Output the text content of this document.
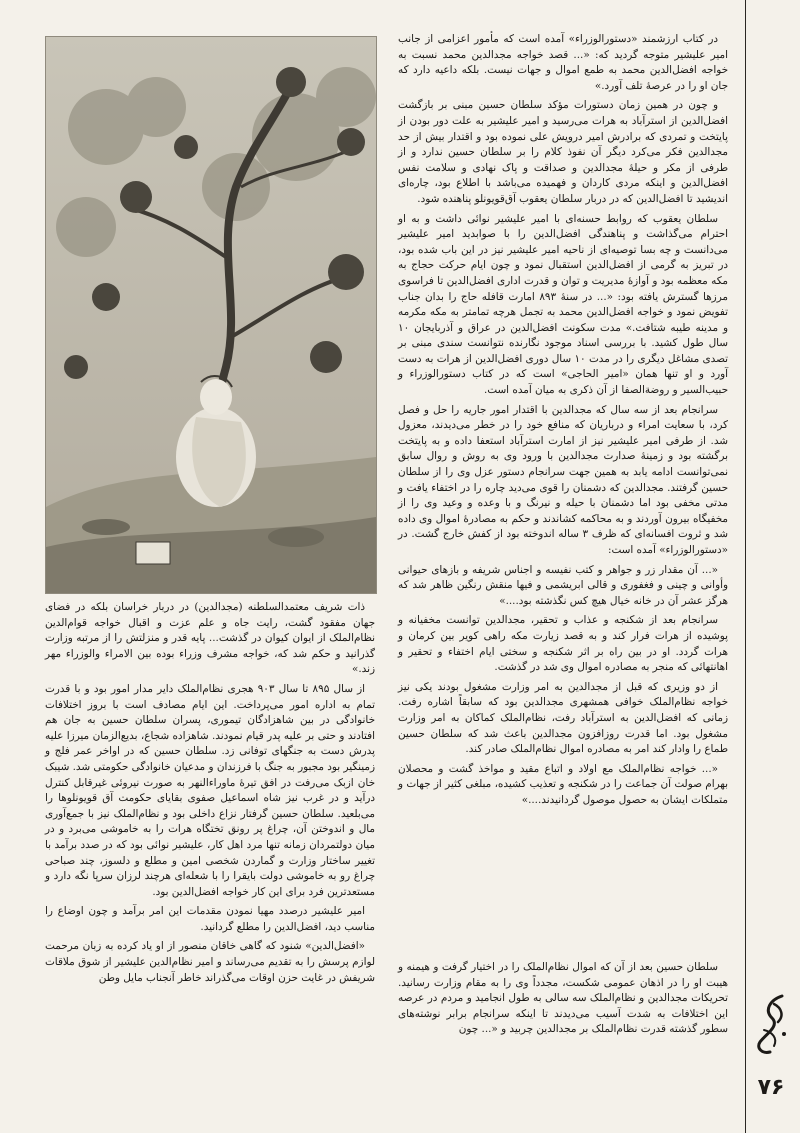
در کتاب ارزشمند «دستورالوزراء» آمده است که مأمور اعزامی از جانب امیر علیشیر متوجه گردید که: «... قصد خواجه مجدالدین محمد نسبت به خواجه افضل‌الدین محمد به طمع اموال و جهات نیست. بلکه داعیه دارد که جان او را در عرصهٔ تلف آورد.»

و چون در همین زمان دستورات مؤکد سلطان حسین مبنی بر بازگشت افضل‌الدین از استرآباد به هرات می‌رسید و امیر علیشیر به علت دور بودن از پایتخت و تمردی که برادرش امیر درویش علی نموده بود و اقتدار بیش از حد مجدالدین فکر می‌کرد دیگر آن نفوذ کلام را بر سلطان حسین ندارد و از طرفی از مکر و حیلهٔ مجدالدین و صداقت و پاک نهادی و سلامت نفس افضل‌الدین و اینکه مردی کاردان و فهمیده می‌باشد با اطلاع بود، چاره‌ای اندیشید تا افضل‌الدین که در دربار سلطان یعقوب آق‌قویونلو پناهنده شود.

سلطان یعقوب که روابط حسنه‌ای با امیر علیشیر نوائی داشت و به او احترام می‌گذاشت و پناهندگی افضل‌الدین را با صوابدید امیر علیشیر می‌دانست و چه بسا توصیه‌ای از ناحیه امیر علیشیر نیز در این باب شده بود، در تبریز به گرمی از افضل‌الدین استقبال نمود و چون ایام حرکت حجاج به مکه معظمه بود و آوازهٔ مدیریت و توان و قدرت اداری افضل‌الدین تا فراسوی مرزها گسترش یافته بود: «... در سنهٔ ۸۹۳ امارت قافله حاج را بدان جناب تفویض نمود و خواجه افضل‌الدین محمد به تجمل هرچه تمامتر به مکه مکرمه و مدینه طیبه شتافت.» مدت سکونت افضل‌الدین در عراق و آذربایجان ۱۰ سال طول کشید. با بررسی اسناد موجود نگارنده نتوانست سندی مبنی بر تصدی مشاغل دیگری را در مدت ۱۰ سال دوری افضل‌الدین از هرات به دست آورد و او تنها همان «امیر الحاجی» است که در کتاب دستورالوزراء و حبیب‌السیر و روضة‌الصفا از آن ذکری به میان آمده است.

سرانجام بعد از سه سال که مجدالدین با اقتدار امور جاریه را حل و فصل کرد، با سعایت امراء و درباریان که منافع خود را در خطر می‌دیدند، معزول شد. از طرفی امیر علیشیر نیز از امارت استرآباد استعفا داده و به پایتخت برگشته بود و زمینهٔ صدارت مجدالدین با ورود وی به روش و روال سابق نمی‌توانست ادامه یابد به همین جهت سرانجام دستور عزل وی را از سلطان حسین گرفتند. مجدالدین که دشمنان را قوی می‌دید چاره را در اختفاء یافت و مدتی مخفی بود اما دشمنان با حیله و نیرنگ و با وعده و وعید وی را از مخفیگاه بیرون آوردند و به محاکمه کشاندند و حکم به مصادرهٔ اموال وی داده شد و ثروت افسانه‌ای که ظرف ۳ ساله اندوخته بود از کفش خارج گشت. در «دستورالوزراء» آمده است:

«... آن مقدار زر و جواهر و کتب نفیسه و اجناس شریفه و بازهای حیوانی وأوانی و چینی و فغفوری و قالی ابریشمی و فیها منقش رنگین ظاهر شد که هرگز عشر آن در خانه خیال هیچ کس نگذشته بود....»

سرانجام بعد از شکنجه و عذاب و تحقیر، مجدالدین توانست مخفیانه و پوشیده از هرات فرار کند و به قصد زیارت مکه راهی کویر بین کرمان و هرات گردد. او در بین راه بر اثر شکنجه و سختی ایام اختفاء و تحقیر و اهانتهائی که منجر به مصادره اموال وی شد در گذشت.

از دو وزیری که قبل از مجدالدین به امر وزارت مشغول بودند یکی نیز خواجه نظام‌الملک خوافی همشهری مجدالدین بود که سابقاً اشاره رفت. زمانی که افضل‌الدین به استرآباد رفت، نظام‌الملک کماکان به امر وزارت مشغول بود. اما قدرت روزافزون مجدالدین باعث شد که سلطان حسین طماع را وادار کند امر به مصادره اموال نظام‌الملک صادر کند.

«... خواجه نظام‌الملک مع اولاد و اتباع مقید و مواخذ گشت و محصلان بهرام صولت آن جماعت را در شکنجه و تعذیب کشیده، مبلغی کثیر از جهات و متملکات ایشان به حصول موصول گردانیدند....»

سلطان حسین بعد از آن که اموال نظام‌الملک را در اختیار گرفت و هیمنه و هیبت او را در اذهان عمومی شکست، مجدداً وی را به مقام وزارت رسانید. تحریکات مجدالدین و نظام‌الملک سه سالی به طول انجامید و مردم در عرصه این اختلافات به شدت آسیب می‌دیدند تا اینکه سرانجام برابر نوشته‌های سطور گذشته قدرت نظام‌الملک بر مجدالدین چربید و «... چون

ذات شریف معتمدالسلطنه (مجدالدین) در دربار خراسان بلکه در فضای جهان مفقود گشت، رایت جاه و علم عزت و اقبال خواجه قوام‌الدین نظام‌الملک از ایوان کیوان در گذشت... پایه قدر و منزلتش را از مرتبه وزارت گذرانید و حکم شد که، خواجه مشرف وزراء بوده بین الامراء والوزراء مهر زند.»

از سال ۸۹۵ تا سال ۹۰۳ هجری نظام‌الملک دایر مدار امور بود و با قدرت تمام به اداره امور می‌پرداخت. این ایام مصادف است با بروز اختلافات خانوادگی در بین شاهزادگان تیموری، پسران سلطان حسین به جان هم افتادند و حتی بر علیه پدر قیام نمودند. شاهزاده شجاع، بدیع‌الزمان میرزا علیه پدرش دست به جنگهای توفانی زد. سلطان حسین که در اواخر عمر فلج و زمینگیر بود مجبور به جنگ با فرزندان و مدعیان خانوادگی حکومتی شد. شیبک خان ازبک می‌رفت در افق تیرهٔ ماوراءالنهر به صورت نیروئی غیرقابل کنترل درآید و در غرب نیز شاه اسماعیل صفوی بقایای حکومت آق قویونلوها را می‌بلعید. سلطان حسین گرفتار نزاع داخلی بود و نظام‌الملک نیز با جمع‌آوری مال و اندوختن آن، چراغ پر رونق تختگاه هرات را به خاموشی می‌برد و در میان دولتمردان زمانه تنها مرد اهل کار، علیشیر نوائی بود که در صدد برآمد با تغییر ساختار وزارت و گماردن شخصی امین و مطلع و دلسوز، چند صباحی چراغ رو به خاموشی دولت بایقرا را با شعله‌ای هرچند لرزان سرپا نگه دارد و مستعدترین فرد برای این کار خواجه افضل‌الدین بود.

امیر علیشیر درصدد مهیا نمودن مقدمات این امر برآمد و چون اوضاع را مناسب دید، افضل‌الدین را مطلع گردانید.

«افضل‌الدین» شنود که گاهی خاقان منصور از او یاد کرده به زبان مرحمت لوازم پرسش را به تقدیم می‌رساند و امیر نظام‌الدین علیشیر از شوق ملاقات شریفش در غایت حزن اوقات می‌گذراند خاطر آنجناب مایل وطن

۷۶
